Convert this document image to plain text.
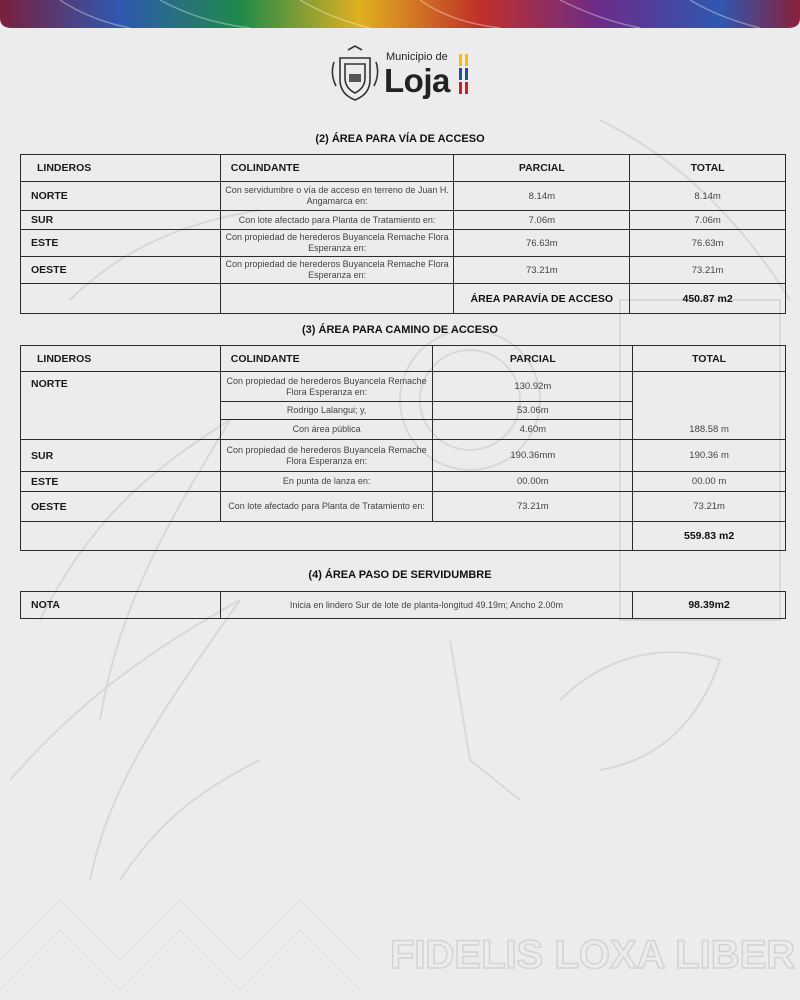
FIDELIS LOXA LIBER
Municipio de
Loja
(2) ÁREA PARA VÍA DE ACCESO
LINDEROS	COLINDANTE	PARCIAL	TOTAL
NORTE	Con servidumbre o vía de acceso en terreno de Juan H. Angamarca en:	8.14m	8.14m
SUR	Con lote afectado para Planta de Tratamiento en:	7.06m	7.06m
ESTE	Con propiedad de herederos Buyancela Remache Flora Esperanza en:	76.63m	76.63m
OESTE	Con propiedad de herederos Buyancela Remache Flora Esperanza en:	73.21m	73.21m
		ÁREA PARAVÍA DE ACCESO	450.87 m2
(3) ÁREA PARA CAMINO DE ACCESO
LINDEROS	COLINDANTE	PARCIAL	TOTAL
NORTE	Con propiedad de herederos Buyancela Remache Flora Esperanza en:	130.92m	188.58 m
	Rodrigo Lalangui; y,	53.06m	
	Con área pública	4.60m	
SUR	Con propiedad de herederos Buyancela Remache Flora Esperanza en:	190.36mm	190.36 m
ESTE	En punta de lanza en:	00.00m	00.00 m
OESTE	Con lote afectado para Planta de Tratamiento en:	73.21m	73.21m
			559.83 m2
(4) ÁREA PASO DE SERVIDUMBRE
NOTA	Inicia en lindero Sur de lote de planta-longitud 49.19m; Ancho 2.00m	98.39m2
